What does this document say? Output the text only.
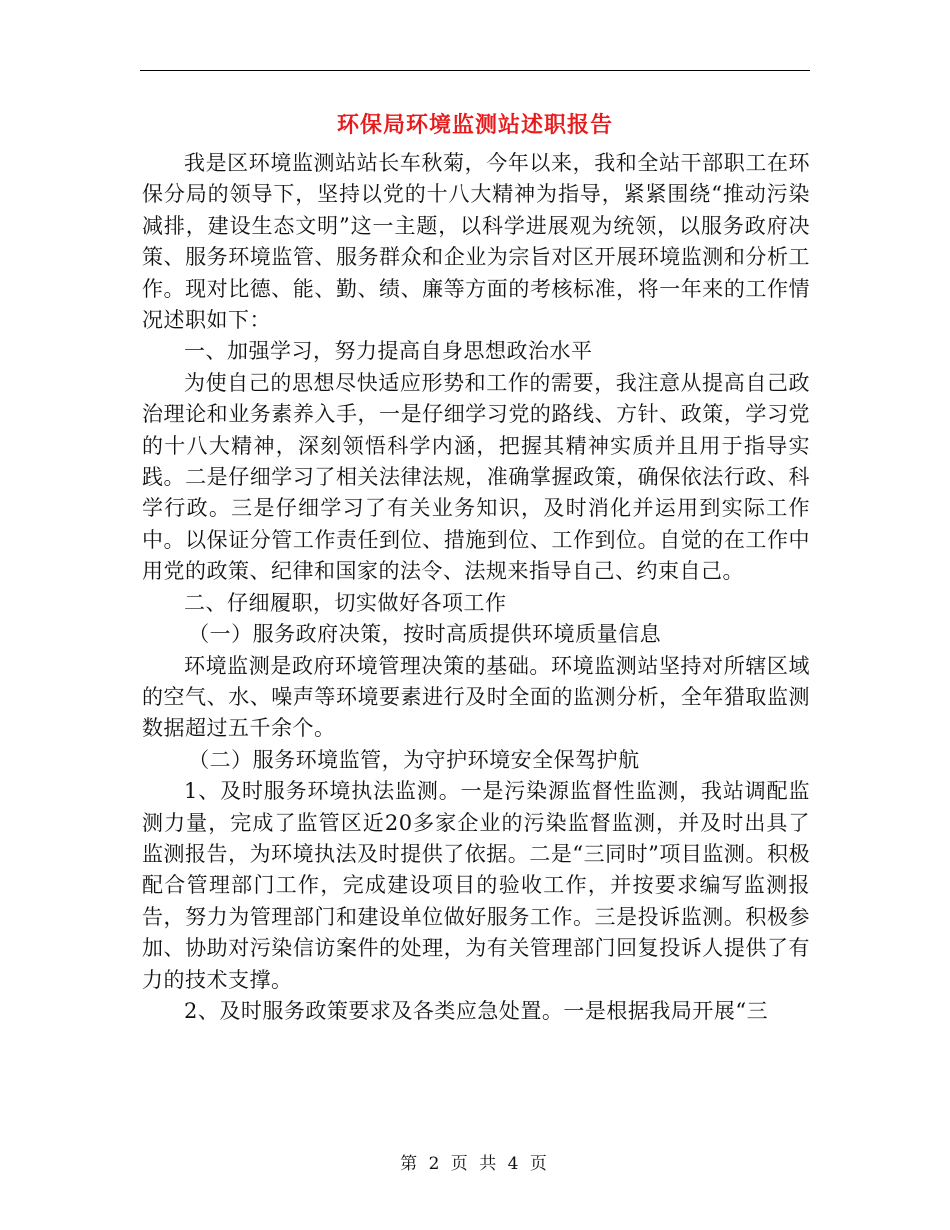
环保局环境监测站述职报告

我是区环境监测站站长车秋菊，今年以来，我和全站干部职工在环保分局的领导下，坚持以党的十八大精神为指导，紧紧围绕“推动污染减排，建设生态文明”这一主题，以科学进展观为统领，以服务政府决策、服务环境监管、服务群众和企业为宗旨对区开展环境监测和分析工作。现对比德、能、勤、绩、廉等方面的考核标准，将一年来的工作情况述职如下：

一、加强学习，努力提高自身思想政治水平

为使自己的思想尽快适应形势和工作的需要，我注意从提高自己政治理论和业务素养入手，一是仔细学习党的路线、方针、政策，学习党的十八大精神，深刻领悟科学内涵，把握其精神实质并且用于指导实践。二是仔细学习了相关法律法规，准确掌握政策，确保依法行政、科学行政。三是仔细学习了有关业务知识，及时消化并运用到实际工作中。以保证分管工作责任到位、措施到位、工作到位。自觉的在工作中用党的政策、纪律和国家的法令、法规来指导自己、约束自己。

二、仔细履职，切实做好各项工作

（一）服务政府决策，按时高质提供环境质量信息

环境监测是政府环境管理决策的基础。环境监测站坚持对所辖区域的空气、水、噪声等环境要素进行及时全面的监测分析，全年猎取监测数据超过五千余个。

（二）服务环境监管，为守护环境安全保驾护航

1、及时服务环境执法监测。一是污染源监督性监测，我站调配监测力量，完成了监管区近20多家企业的污染监督监测，并及时出具了监测报告，为环境执法及时提供了依据。二是“三同时”项目监测。积极配合管理部门工作，完成建设项目的验收工作，并按要求编写监测报告，努力为管理部门和建设单位做好服务工作。三是投诉监测。积极参加、协助对污染信访案件的处理，为有关管理部门回复投诉人提供了有力的技术支撑。

2、及时服务政策要求及各类应急处置。一是根据我局开展“三

第 2 页 共 4 页
